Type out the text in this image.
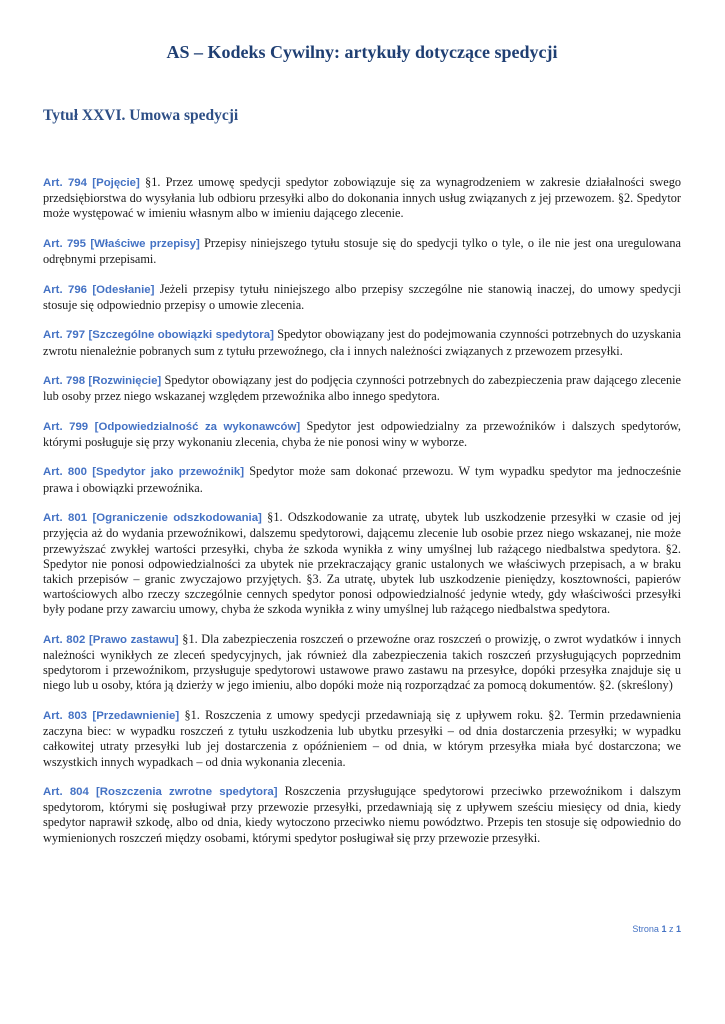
AS – Kodeks Cywilny: artykuły dotyczące spedycji
Tytuł XXVI. Umowa spedycji

Art. 794 [Pojęcie] §1. Przez umowę spedycji spedytor zobowiązuje się za wynagrodzeniem w zakresie działalności swego przedsiębiorstwa do wysyłania lub odbioru przesyłki albo do dokonania innych usług związanych z jej przewozem. §2. Spedytor może występować w imieniu własnym albo w imieniu dającego zlecenie.

Art. 795 [Właściwe przepisy] Przepisy niniejszego tytułu stosuje się do spedycji tylko o tyle, o ile nie jest ona uregulowana odrębnymi przepisami.

Art. 796 [Odesłanie] Jeżeli przepisy tytułu niniejszego albo przepisy szczególne nie stanowią inaczej, do umowy spedycji stosuje się odpowiednio przepisy o umowie zlecenia.

Art. 797 [Szczególne obowiązki spedytora] Spedytor obowiązany jest do podejmowania czynności potrzebnych do uzyskania zwrotu nienależnie pobranych sum z tytułu przewoźnego, cła i innych należności związanych z przewozem przesyłki.

Art. 798 [Rozwinięcie] Spedytor obowiązany jest do podjęcia czynności potrzebnych do zabezpieczenia praw dającego zlecenie lub osoby przez niego wskazanej względem przewoźnika albo innego spedytora.

Art. 799 [Odpowiedzialność za wykonawców] Spedytor jest odpowiedzialny za przewoźników i dalszych spedytorów, którymi posługuje się przy wykonaniu zlecenia, chyba że nie ponosi winy w wyborze.

Art. 800 [Spedytor jako przewoźnik] Spedytor może sam dokonać przewozu. W tym wypadku spedytor ma jednocześnie prawa i obowiązki przewoźnika.

Art. 801 [Ograniczenie odszkodowania] §1. Odszkodowanie za utratę, ubytek lub uszkodzenie przesyłki w czasie od jej przyjęcia aż do wydania przewoźnikowi, dalszemu spedytorowi, dającemu zlecenie lub osobie przez niego wskazanej, nie może przewyższać zwykłej wartości przesyłki, chyba że szkoda wynikła z winy umyślnej lub rażącego niedbalstwa spedytora. §2. Spedytor nie ponosi odpowiedzialności za ubytek nie przekraczający granic ustalonych we właściwych przepisach, a w braku takich przepisów – granic zwyczajowo przyjętych. §3. Za utratę, ubytek lub uszkodzenie pieniędzy, kosztowności, papierów wartościowych albo rzeczy szczególnie cennych spedytor ponosi odpowiedzialność jedynie wtedy, gdy właściwości przesyłki były podane przy zawarciu umowy, chyba że szkoda wynikła z winy umyślnej lub rażącego niedbalstwa spedytora.

Art. 802 [Prawo zastawu] §1. Dla zabezpieczenia roszczeń o przewoźne oraz roszczeń o prowizję, o zwrot wydatków i innych należności wynikłych ze zleceń spedycyjnych, jak również dla zabezpieczenia takich roszczeń przysługujących poprzednim spedytorom i przewoźnikom, przysługuje spedytorowi ustawowe prawo zastawu na przesyłce, dopóki przesyłka znajduje się u niego lub u osoby, która ją dzierży w jego imieniu, albo dopóki może nią rozporządzać za pomocą dokumentów. §2. (skreślony)

Art. 803 [Przedawnienie] §1. Roszczenia z umowy spedycji przedawniają się z upływem roku. §2. Termin przedawnienia zaczyna biec: w wypadku roszczeń z tytułu uszkodzenia lub ubytku przesyłki – od dnia dostarczenia przesyłki; w wypadku całkowitej utraty przesyłki lub jej dostarczenia z opóźnieniem – od dnia, w którym przesyłka miała być dostarczona; we wszystkich innych wypadkach – od dnia wykonania zlecenia.

Art. 804 [Roszczenia zwrotne spedytora] Roszczenia przysługujące spedytorowi przeciwko przewoźnikom i dalszym spedytorom, którymi się posługiwał przy przewozie przesyłki, przedawniają się z upływem sześciu miesięcy od dnia, kiedy spedytor naprawił szkodę, albo od dnia, kiedy wytoczono przeciwko niemu powództwo. Przepis ten stosuje się odpowiednio do wymienionych roszczeń między osobami, którymi spedytor posługiwał się przy przewozie przesyłki.

Strona 1 z 1
